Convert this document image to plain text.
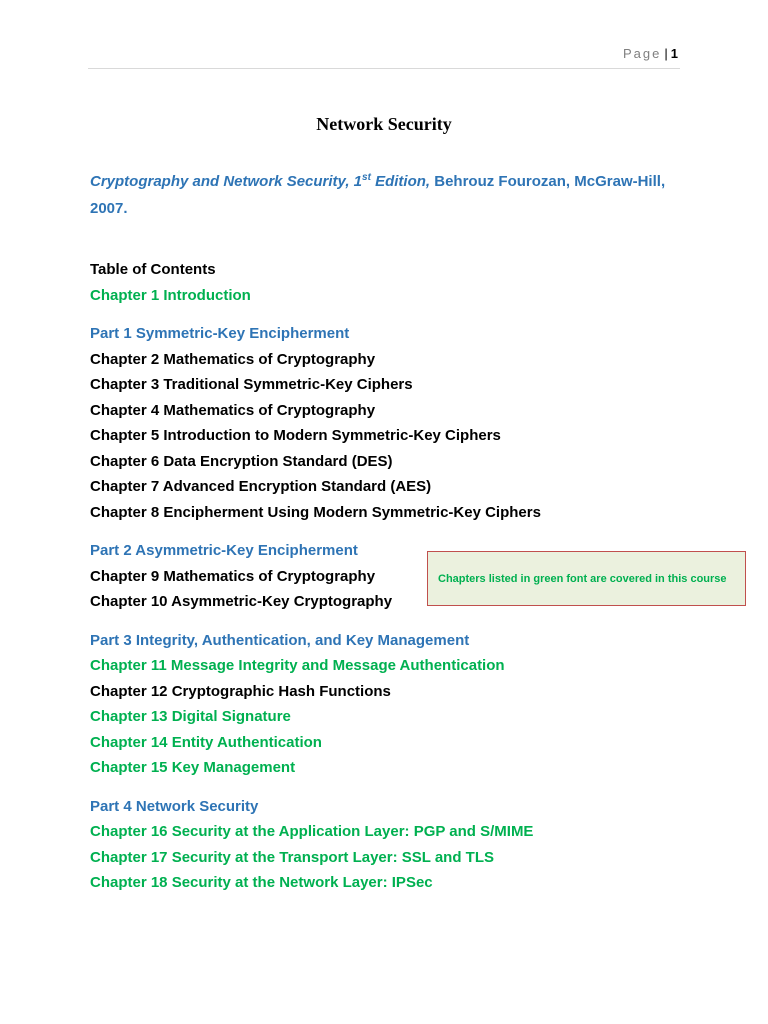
Page | 1
Network Security
Cryptography and Network Security, 1st Edition, Behrouz Fourozan, McGraw-Hill, 2007.
Table of Contents
Chapter 1 Introduction
Part 1 Symmetric-Key Encipherment
Chapter 2 Mathematics of Cryptography
Chapter 3 Traditional Symmetric-Key Ciphers
Chapter 4 Mathematics of Cryptography
Chapter 5 Introduction to Modern Symmetric-Key Ciphers
Chapter 6 Data Encryption Standard (DES)
Chapter 7 Advanced Encryption Standard (AES)
Chapter 8 Encipherment Using Modern Symmetric-Key Ciphers
Part 2 Asymmetric-Key Encipherment
Chapter 9 Mathematics of Cryptography
Chapter 10 Asymmetric-Key Cryptography
Part 3 Integrity, Authentication, and Key Management
Chapter 11 Message Integrity and Message Authentication
Chapter 12 Cryptographic Hash Functions
Chapter 13 Digital Signature
Chapter 14 Entity Authentication
Chapter 15 Key Management
Part 4 Network Security
Chapter 16 Security at the Application Layer: PGP and S/MIME
Chapter 17 Security at the Transport Layer: SSL and TLS
Chapter 18 Security at the Network Layer: IPSec
Chapters listed in green font are covered in this course
